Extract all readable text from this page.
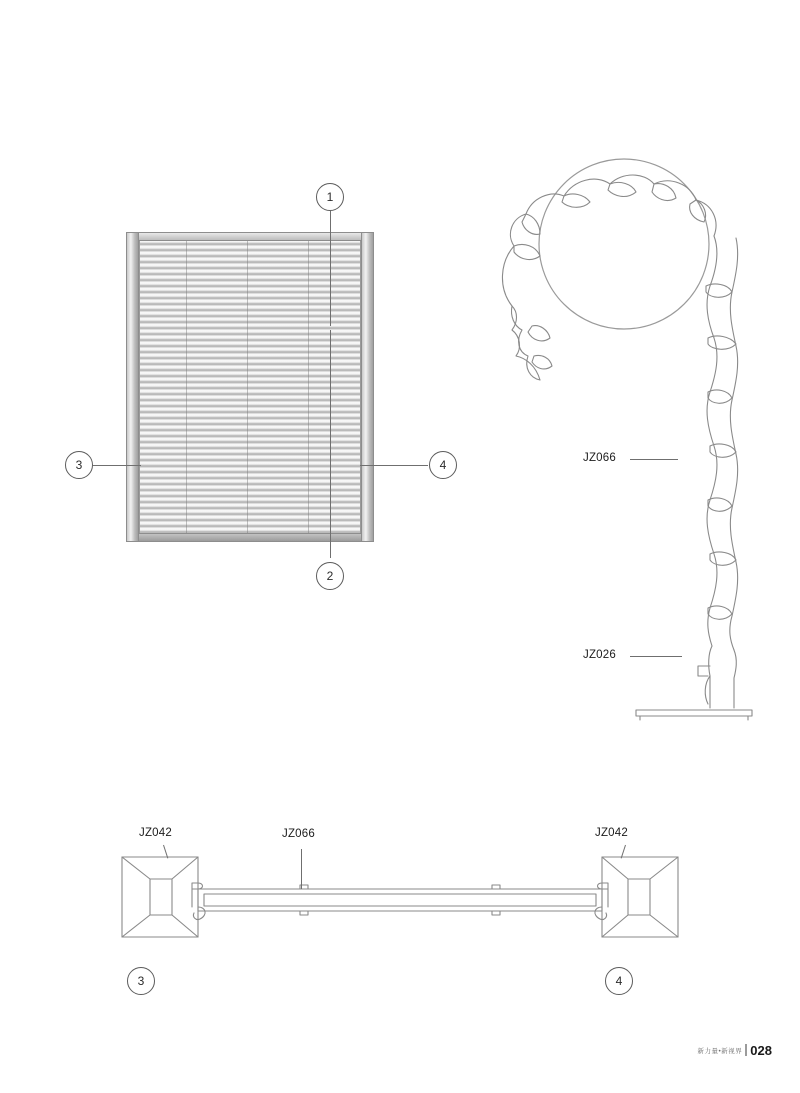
1
2
3	4	JZ066
JZ026
JZ042	JZ066	JZ042
3	4
新力量•新视界 028
